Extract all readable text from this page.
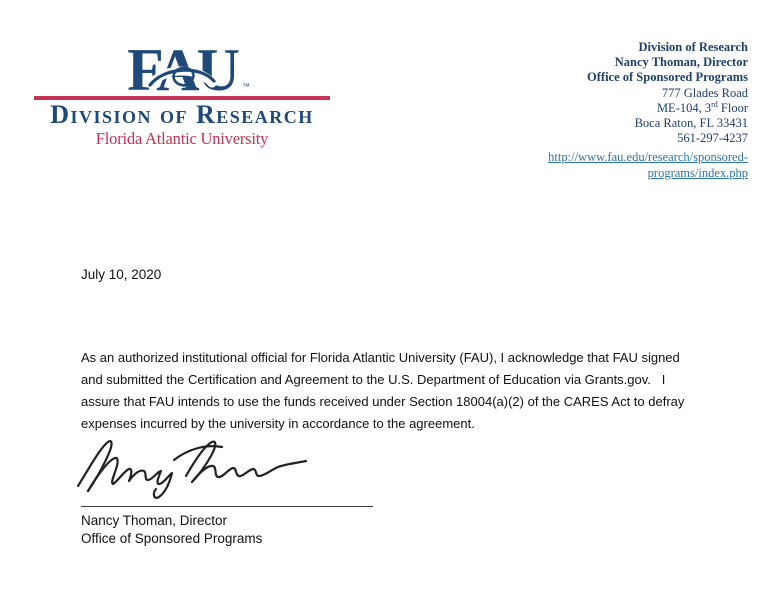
FAU ™
Division of Research
Florida Atlantic University
Division of Research
Nancy Thoman, Director
Office of Sponsored Programs
777 Glades Road
ME-104, 3rd Floor
Boca Raton, FL 33431
561-297-4237
http://www.fau.edu/research/sponsored-
programs/index.php
July 10, 2020
As an authorized institutional official for Florida Atlantic University (FAU), I acknowledge that FAU signed
and submitted the Certification and Agreement to the U.S. Department of Education via Grants.gov.   I
assure that FAU intends to use the funds received under Section 18004(a)(2) of the CARES Act to defray
expenses incurred by the university in accordance to the agreement.
Nancy Thoman, Director
Office of Sponsored Programs
